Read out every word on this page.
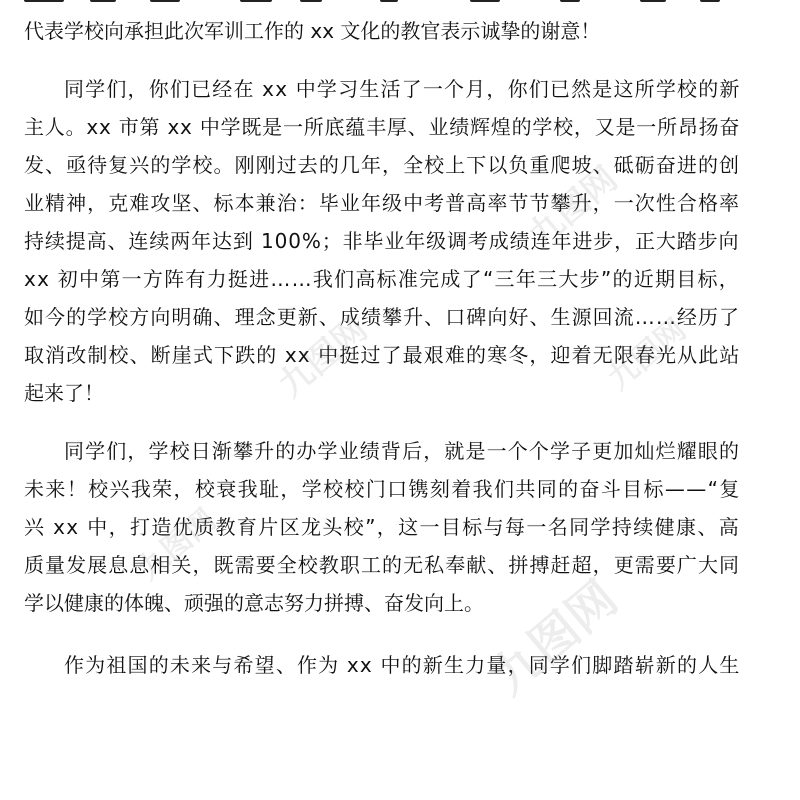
代表学校向承担此次军训工作的 xx 文化的教官表示诚挚的谢意！
同学们，你们已经在 xx 中学习生活了一个月，你们已然是这所学校的新
主人。xx 市第 xx 中学既是一所底蕴丰厚、业绩辉煌的学校，又是一所昂扬奋
发、亟待复兴的学校。刚刚过去的几年，全校上下以负重爬坡、砥砺奋进的创
业精神，克难攻坚、标本兼治：毕业年级中考普高率节节攀升，一次性合格率
持续提高、连续两年达到 100%；非毕业年级调考成绩连年进步，正大踏步向
xx 初中第一方阵有力挺进……我们高标准完成了“三年三大步”的近期目标，
如今的学校方向明确、理念更新、成绩攀升、口碑向好、生源回流……经历了
取消改制校、断崖式下跌的 xx 中挺过了最艰难的寒冬，迎着无限春光从此站
起来了！
同学们，学校日渐攀升的办学业绩背后，就是一个个学子更加灿烂耀眼的
未来！校兴我荣，校衰我耻，学校校门口镌刻着我们共同的奋斗目标——“复
兴 xx 中，打造优质教育片区龙头校”，这一目标与每一名同学持续健康、高
质量发展息息相关，既需要全校教职工的无私奉献、拼搏赶超，更需要广大同
学以健康的体魄、顽强的意志努力拼搏、奋发向上。
作为祖国的未来与希望、作为 xx 中的新生力量，同学们脚踏崭新的人生
九图网
九图网
九图网
九图网
九图网
